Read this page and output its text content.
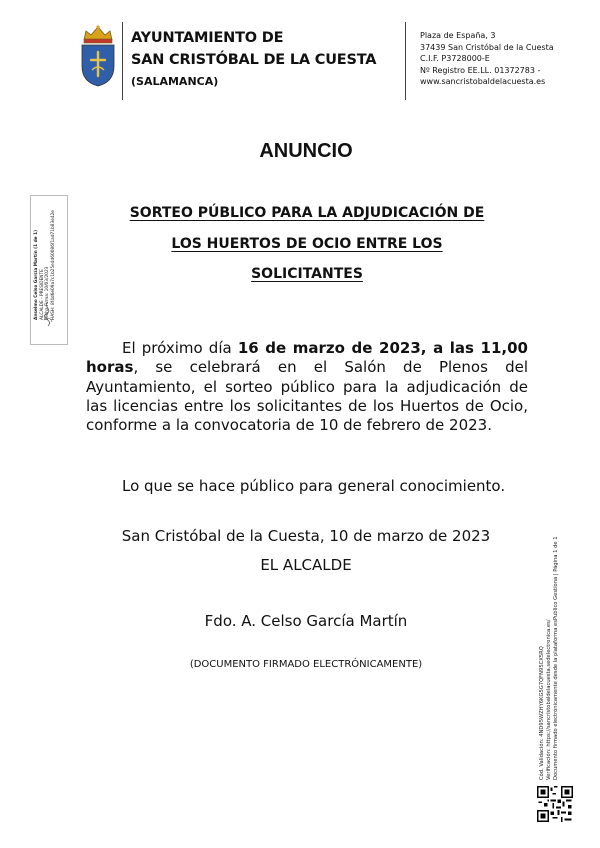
AYUNTAMIENTO DE
SAN CRISTÓBAL DE LA CUESTA
(SALAMANCA)
Plaza de España, 3
37439 San Cristóbal de la Cuesta
C.I.F. P3728000-E
Nº Registro EE.LL. 01372783 -
www.sancristobaldelacuesta.es
Anselmo Celso García Martín (1 de 1) ALCALDE - PRESIDENTE Fecha Firma: 10/03/2023 HASH: 8f4d6e09a7c1b25e4d60086f1ad71b83e42e
ANUNCIO
SORTEO PÚBLICO PARA LA ADJUDICACIÓN DE
LOS HUERTOS DE OCIO ENTRE LOS
SOLICITANTES
El próximo día 16 de marzo de 2023, a las 11,00 horas, se celebrará en el Salón de Plenos del Ayuntamiento, el sorteo público para la adjudicación de las licencias entre los solicitantes de los Huertos de Ocio, conforme a la convocatoria de 10 de febrero de 2023.
Lo que se hace público para general conocimiento.
San Cristóbal de la Cuesta, 10 de marzo de 2023
EL ALCALDE
Fdo. A. Celso García Martín
(DOCUMENTO FIRMADO ELECTRÓNICAMENTE)	Cód. Validación: 4ND95WZHY6KG5G7QFN95CX5RQ Verificación: https://sancristobaldelacuesta.sedelectronica.es/ Documento firmado electrónicamente desde la plataforma esPublico Gestiona | Página 1 de 1
